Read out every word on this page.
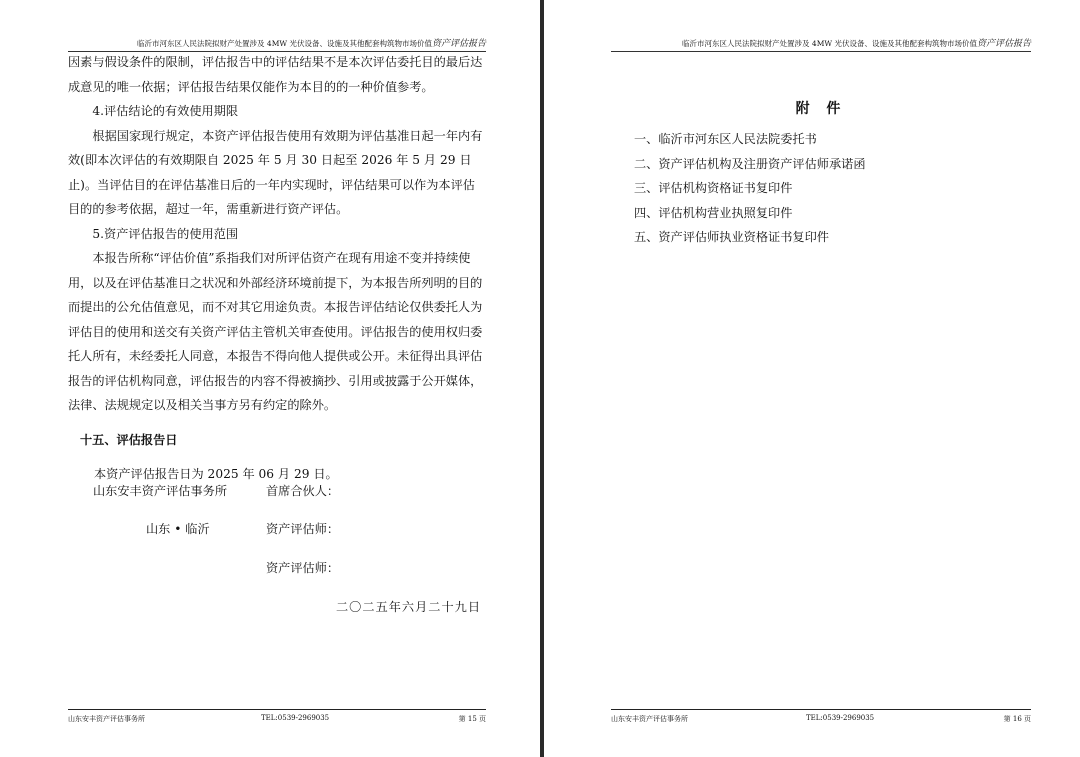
临沂市河东区人民法院拟财产处置涉及 4MW 光伏设备、设施及其他配套构筑物市场价值资产评估报告

因素与假设条件的限制，评估报告中的评估结果不是本次评估委托目的最后达成意见的唯一依据；评估报告结果仅能作为本目的的一种价值参考。

4.评估结论的有效使用期限

根据国家现行规定，本资产评估报告使用有效期为评估基准日起一年内有效(即本次评估的有效期限自 2025 年 5 月 30 日起至 2026 年 5 月 29 日止)。当评估目的在评估基准日后的一年内实现时，评估结果可以作为本评估目的的参考依据，超过一年，需重新进行资产评估。

5.资产评估报告的使用范围

本报告所称“评估价值”系指我们对所评估资产在现有用途不变并持续使用，以及在评估基准日之状况和外部经济环境前提下，为本报告所列明的目的而提出的公允估值意见，而不对其它用途负责。本报告评估结论仅供委托人为评估目的使用和送交有关资产评估主管机关审查使用。评估报告的使用权归委托人所有，未经委托人同意，本报告不得向他人提供或公开。未征得出具评估报告的评估机构同意，评估报告的内容不得被摘抄、引用或披露于公开媒体，法律、法规规定以及相关当事方另有约定的除外。

十五、评估报告日

本资产评估报告日为 2025 年 06 月 29 日。

山东安丰资产评估事务所	首席合伙人：
山东 • 临沂	资产评估师：
资产评估师：
二〇二五年六月二十九日
山东安丰资产评估事务所	TEL:0539-2969035	第 15 页
临沂市河东区人民法院拟财产处置涉及 4MW 光伏设备、设施及其他配套构筑物市场价值资产评估报告
附 件
一、临沂市河东区人民法院委托书
二、资产评估机构及注册资产评估师承诺函
三、评估机构资格证书复印件
四、评估机构营业执照复印件
五、资产评估师执业资格证书复印件
山东安丰资产评估事务所	TEL:0539-2969035	第 16 页
